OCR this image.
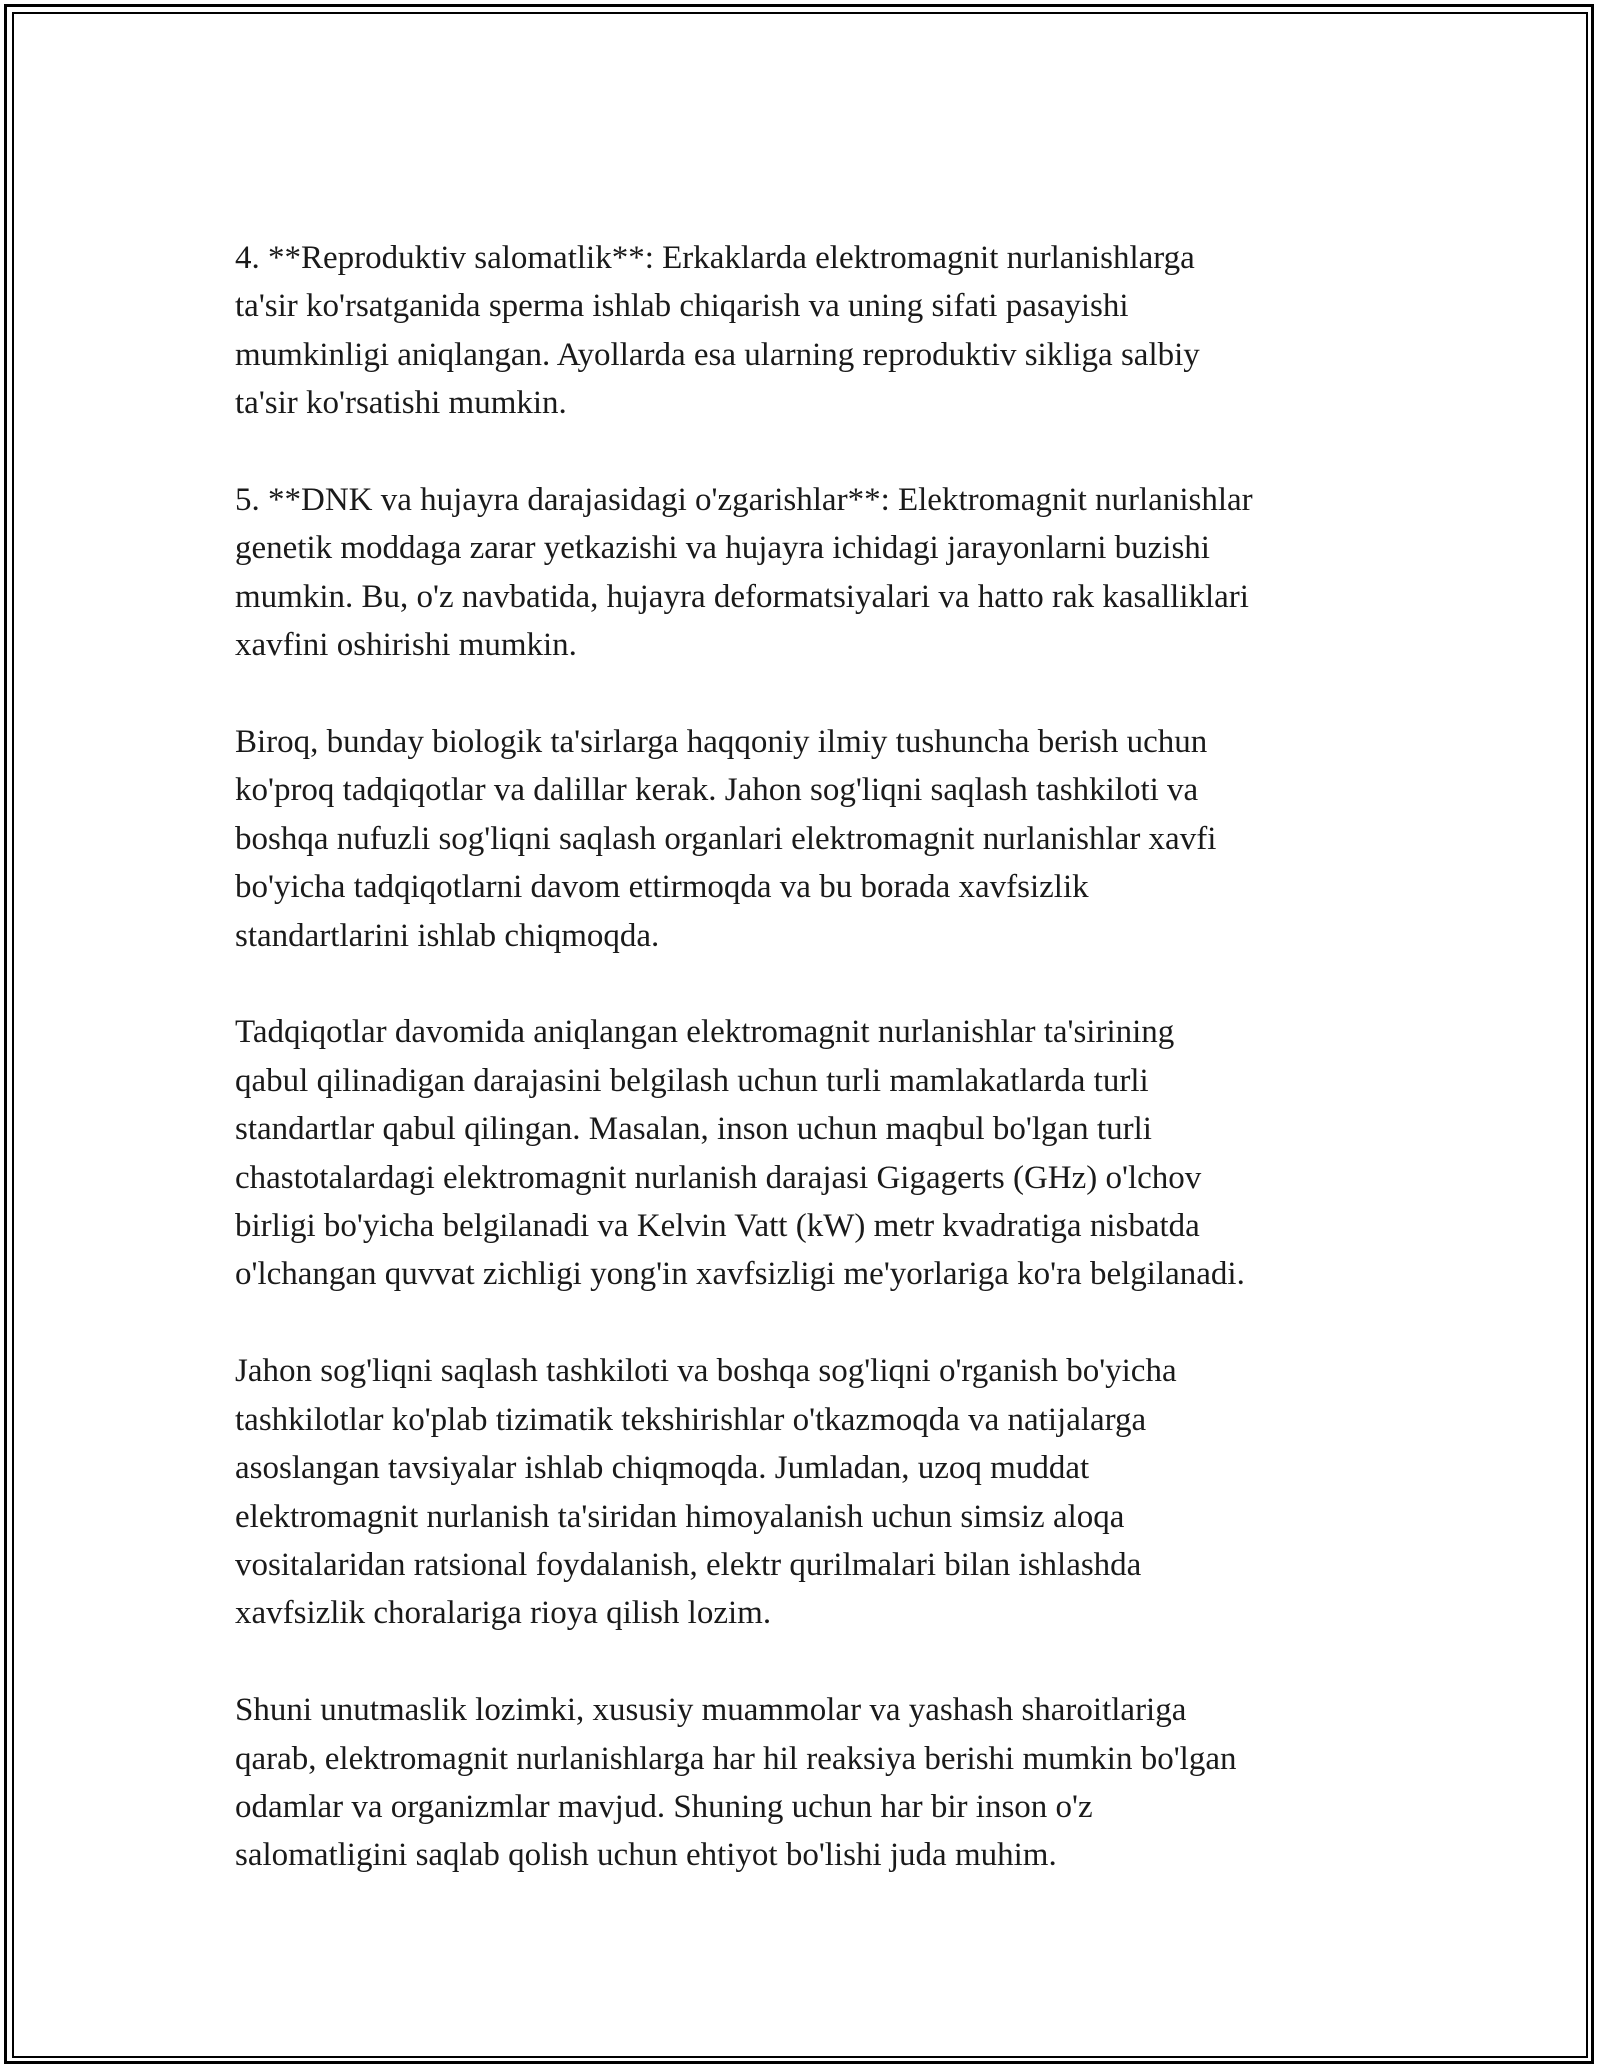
4. **Reproduktiv salomatlik**: Erkaklarda elektromagnit nurlanishlarga
ta'sir ko'rsatganida sperma ishlab chiqarish va uning sifati pasayishi
mumkinligi aniqlangan. Ayollarda esa ularning reproduktiv sikliga salbiy
ta'sir ko'rsatishi mumkin.

5. **DNK va hujayra darajasidagi o'zgarishlar**: Elektromagnit nurlanishlar
genetik moddaga zarar yetkazishi va hujayra ichidagi jarayonlarni buzishi
mumkin. Bu, o'z navbatida, hujayra deformatsiyalari va hatto rak kasalliklari
xavfini oshirishi mumkin.

Biroq, bunday biologik ta'sirlarga haqqoniy ilmiy tushuncha berish uchun
ko'proq tadqiqotlar va dalillar kerak. Jahon sog'liqni saqlash tashkiloti va
boshqa nufuzli sog'liqni saqlash organlari elektromagnit nurlanishlar xavfi
bo'yicha tadqiqotlarni davom ettirmoqda va bu borada xavfsizlik
standartlarini ishlab chiqmoqda.

Tadqiqotlar davomida aniqlangan elektromagnit nurlanishlar ta'sirining
qabul qilinadigan darajasini belgilash uchun turli mamlakatlarda turli
standartlar qabul qilingan. Masalan, inson uchun maqbul bo'lgan turli
chastotalardagi elektromagnit nurlanish darajasi Gigagerts (GHz) o'lchov
birligi bo'yicha belgilanadi va Kelvin Vatt (kW) metr kvadratiga nisbatda
o'lchangan quvvat zichligi yong'in xavfsizligi me'yorlariga ko'ra belgilanadi.

Jahon sog'liqni saqlash tashkiloti va boshqa sog'liqni o'rganish bo'yicha
tashkilotlar ko'plab tizimatik tekshirishlar o'tkazmoqda va natijalarga
asoslangan tavsiyalar ishlab chiqmoqda. Jumladan, uzoq muddat
elektromagnit nurlanish ta'siridan himoyalanish uchun simsiz aloqa
vositalaridan ratsional foydalanish, elektr qurilmalari bilan ishlashda
xavfsizlik choralariga rioya qilish lozim.

Shuni unutmaslik lozimki, xususiy muammolar va yashash sharoitlariga
qarab, elektromagnit nurlanishlarga har hil reaksiya berishi mumkin bo'lgan
odamlar va organizmlar mavjud. Shuning uchun har bir inson o'z
salomatligini saqlab qolish uchun ehtiyot bo'lishi juda muhim.
